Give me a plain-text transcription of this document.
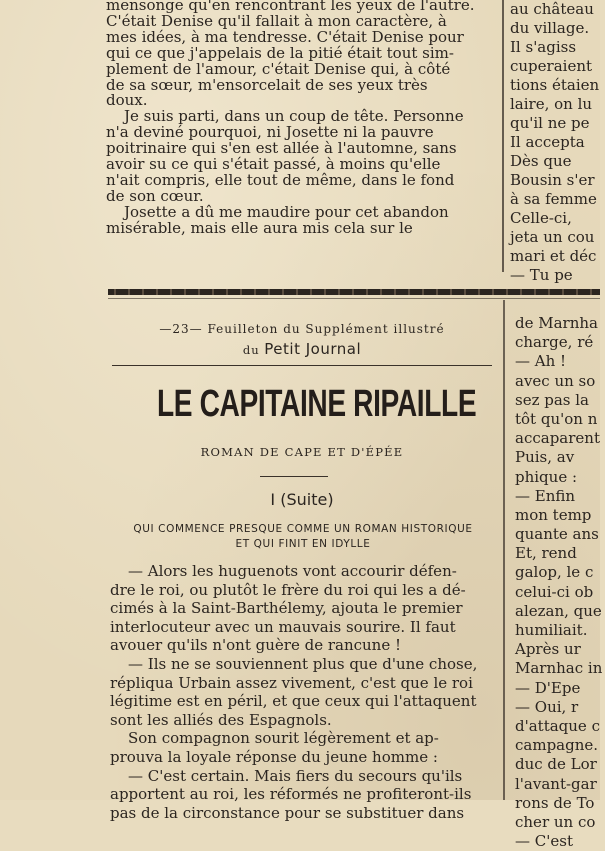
mensonge qu'en rencontrant les yeux de l'autre.

C'était Denise qu'il fallait à mon caractère, à

mes idées, à ma tendresse. C'était Denise pour

qui ce que j'appelais de la pitié était tout sim-

plement de l'amour, c'était Denise qui, à côté

de sa sœur, m'ensorcelait de ses yeux très

doux.

Je suis parti, dans un coup de tête. Personne

n'a deviné pourquoi, ni Josette ni la pauvre

poitrinaire qui s'en est allée à l'automne, sans

avoir su ce qui s'était passé, à moins qu'elle

n'ait compris, elle tout de même, dans le fond

de son cœur.

Josette a dû me maudire pour cet abandon

misérable, mais elle aura mis cela sur le

au château
du village.
Il s'agiss
cuperaient
tions étaien
laire, on lu
qu'il ne pe
Il accepta
Dès que
Bousin s'er
à sa femme
Celle-ci,
jeta un cou
mari et déc
— Tu pe
—23— Feuilleton du Supplément illustré
du Petit Journal
LE CAPITAINE RIPAILLE
ROMAN DE CAPE ET D'ÉPÉE
I (Suite)
QUI COMMENCE PRESQUE COMME UN ROMAN HISTORIQUE
ET QUI FINIT EN IDYLLE

— Alors les huguenots vont accourir défen-

dre le roi, ou plutôt le frère du roi qui les a dé-

cimés à la Saint-Barthélemy, ajouta le premier

interlocuteur avec un mauvais sourire. Il faut

avouer qu'ils n'ont guère de rancune !

— Ils ne se souviennent plus que d'une chose,

répliqua Urbain assez vivement, c'est que le roi

légitime est en péril, et que ceux qui l'attaquent

sont les alliés des Espagnols.

Son compagnon sourit légèrement et ap-

prouva la loyale réponse du jeune homme :

— C'est certain. Mais fiers du secours qu'ils

apportent au roi, les réformés ne profiteront-ils

pas de la circonstance pour se substituer dans

de Marnha
charge, ré
— Ah !
avec un so
sez pas la
tôt qu'on n
accaparent
Puis, av
phique :
— Enfin
mon temp
quante ans
Et, rend
galop, le c
celui-ci ob
alezan, que
humiliait.
Après ur
Marnhac in
— D'Epe
— Oui, r
d'attaque c
campagne.
duc de Lor
l'avant-gar
rons de To
cher un co
— C'est
